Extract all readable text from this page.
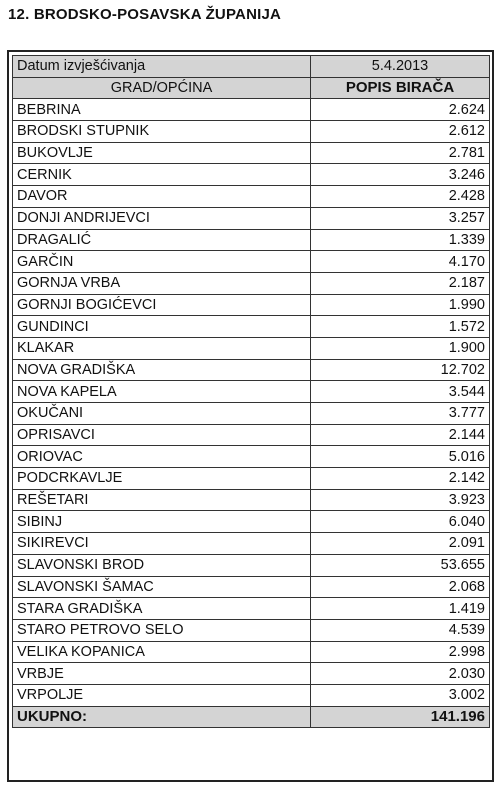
12. BRODSKO-POSAVSKA ŽUPANIJA
Datum izvješćivanja	5.4.2013
GRAD/OPĆINA	POPIS BIRAČA
BEBRINA	2.624
BRODSKI STUPNIK	2.612
BUKOVLJE	2.781
CERNIK	3.246
DAVOR	2.428
DONJI ANDRIJEVCI	3.257
DRAGALIĆ	1.339
GARČIN	4.170
GORNJA VRBA	2.187
GORNJI BOGIĆEVCI	1.990
GUNDINCI	1.572
KLAKAR	1.900
NOVA GRADIŠKA	12.702
NOVA KAPELA	3.544
OKUČANI	3.777
OPRISAVCI	2.144
ORIOVAC	5.016
PODCRKAVLJE	2.142
REŠETARI	3.923
SIBINJ	6.040
SIKIREVCI	2.091
SLAVONSKI BROD	53.655
SLAVONSKI ŠAMAC	2.068
STARA GRADIŠKA	1.419
STARO PETROVO SELO	4.539
VELIKA KOPANICA	2.998
VRBJE	2.030
VRPOLJE	3.002
UKUPNO:	141.196
